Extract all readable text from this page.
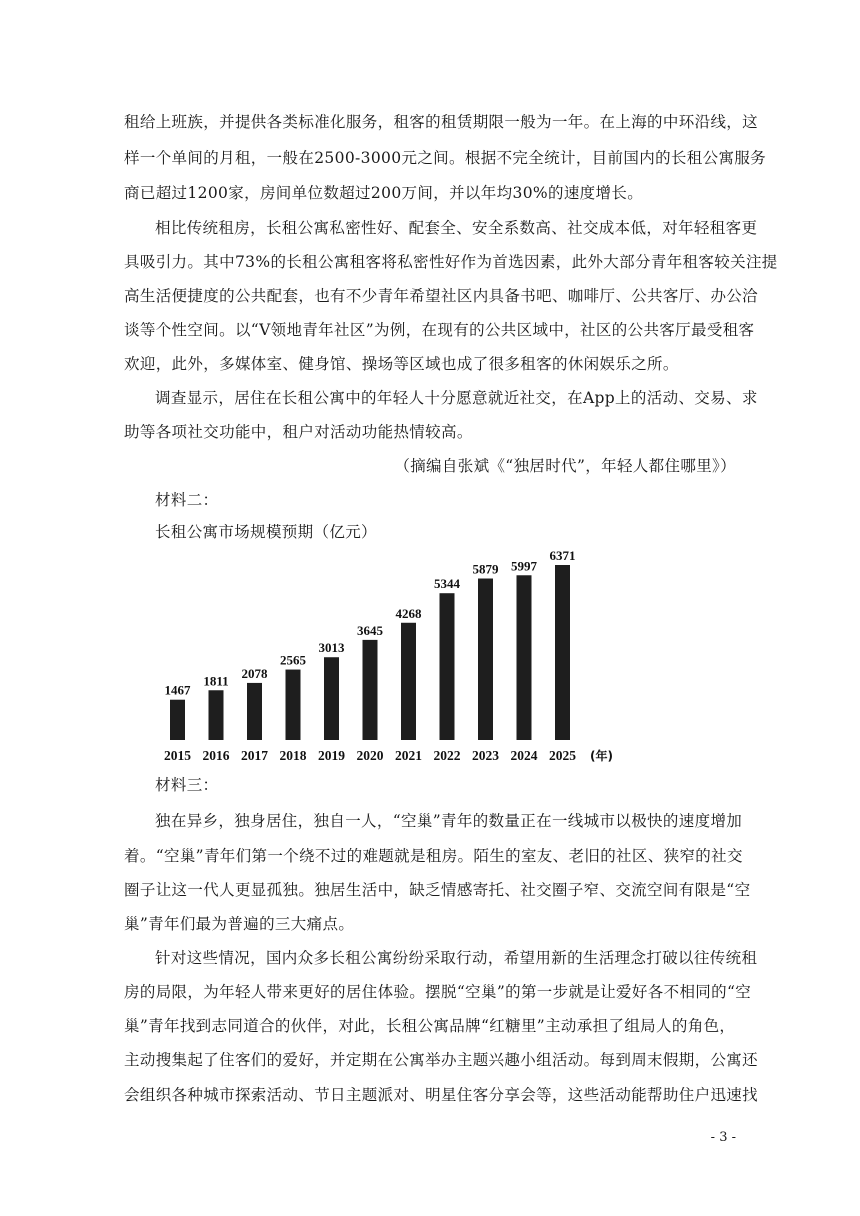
租给上班族，并提供各类标准化服务，租客的租赁期限一般为一年。在上海的中环沿线，这
样一个单间的月租，一般在2500-3000元之间。根据不完全统计，目前国内的长租公寓服务
商已超过1200家，房间单位数超过200万间，并以年均30%的速度增长。
相比传统租房，长租公寓私密性好、配套全、安全系数高、社交成本低，对年轻租客更
具吸引力。其中73%的长租公寓租客将私密性好作为首选因素，此外大部分青年租客较关注提
高生活便捷度的公共配套，也有不少青年希望社区内具备书吧、咖啡厅、公共客厅、办公洽
谈等个性空间。以“V领地青年社区”为例，在现有的公共区域中，社区的公共客厅最受租客
欢迎，此外，多媒体室、健身馆、操场等区域也成了很多租客的休闲娱乐之所。
调查显示，居住在长租公寓中的年轻人十分愿意就近社交，在App上的活动、交易、求
助等各项社交功能中，租户对活动功能热情较高。
（摘编自张斌《“独居时代”，年轻人都住哪里》）
材料二：
长租公寓市场规模预期（亿元）
1467
2015
1811
2016
2078
2017
2565
2018
3013
2019
3645
2020
4268
2021
5344
2022
5879
2023
5997
2024
6371
2025 (年)
材料三：
独在异乡，独身居住，独自一人，“空巢”青年的数量正在一线城市以极快的速度增加
着。“空巢”青年们第一个绕不过的难题就是租房。陌生的室友、老旧的社区、狭窄的社交
圈子让这一代人更显孤独。独居生活中，缺乏情感寄托、社交圈子窄、交流空间有限是“空
巢”青年们最为普遍的三大痛点。
针对这些情况，国内众多长租公寓纷纷采取行动，希望用新的生活理念打破以往传统租
房的局限，为年轻人带来更好的居住体验。摆脱“空巢”的第一步就是让爱好各不相同的“空
巢”青年找到志同道合的伙伴，对此，长租公寓品牌“红糖里”主动承担了组局人的角色，
主动搜集起了住客们的爱好，并定期在公寓举办主题兴趣小组活动。每到周末假期，公寓还
会组织各种城市探索活动、节日主题派对、明星住客分享会等，这些活动能帮助住户迅速找
- 3 -
